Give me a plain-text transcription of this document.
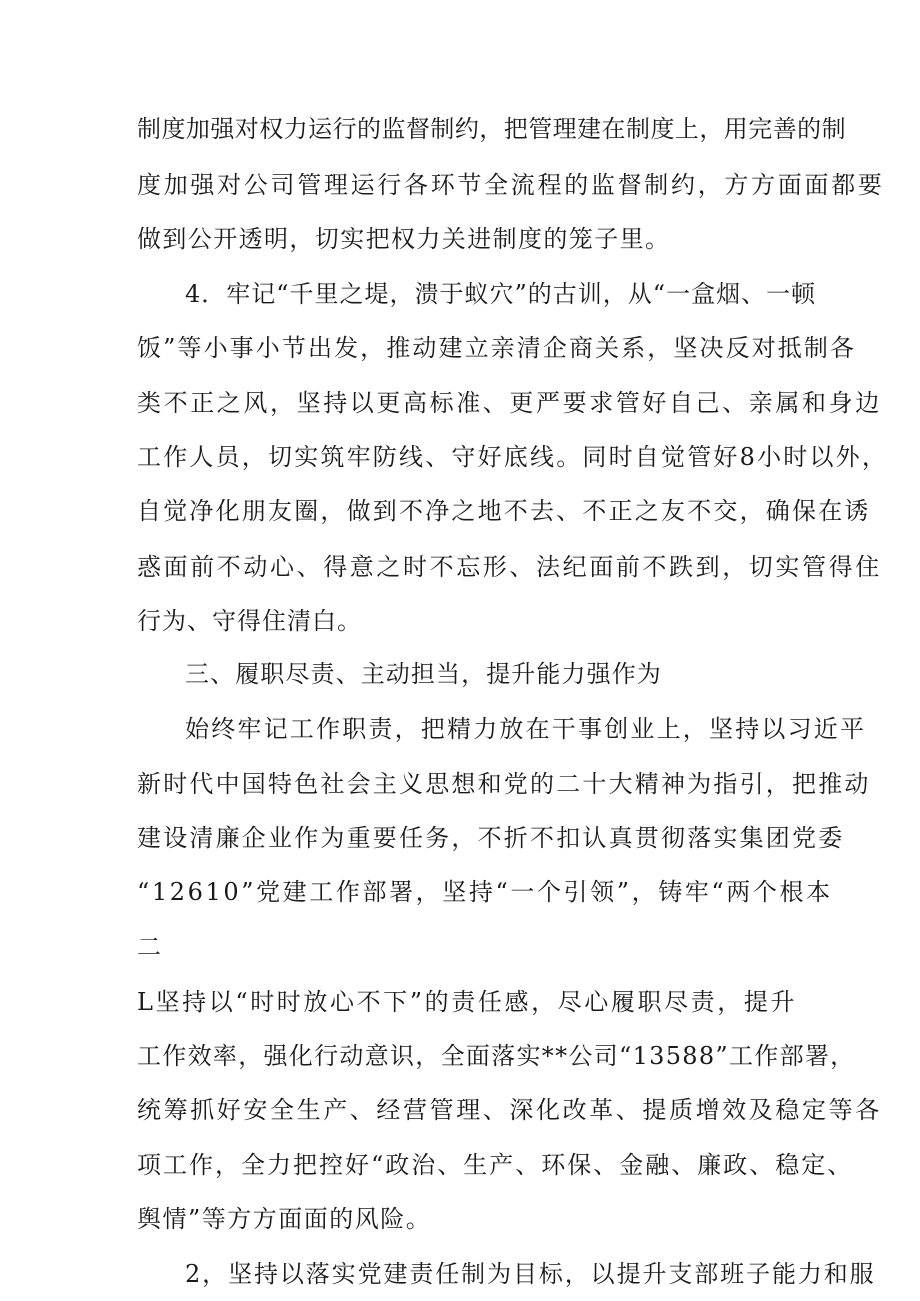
制度加强对权力运行的监督制约，把管理建在制度上，用完善的制
度加强对公司管理运行各环节全流程的监督制约，方方面面都要
做到公开透明，切实把权力关进制度的笼子里。
4．牢记“千里之堤，溃于蚁穴”的古训，从“一盒烟、一顿
饭”等小事小节出发，推动建立亲清企商关系，坚决反对抵制各
类不正之风，坚持以更高标准、更严要求管好自己、亲属和身边
工作人员，切实筑牢防线、守好底线。同时自觉管好8小时以外，
自觉净化朋友圈，做到不净之地不去、不正之友不交，确保在诱
惑面前不动心、得意之时不忘形、法纪面前不跌到，切实管得住
行为、守得住清白。
三、履职尽责、主动担当，提升能力强作为
始终牢记工作职责，把精力放在干事创业上，坚持以习近平
新时代中国特色社会主义思想和党的二十大精神为指引，把推动
建设清廉企业作为重要任务，不折不扣认真贯彻落实集团党委
“12610”党建工作部署，坚持“一个引领”，铸牢“两个根本
二
L坚持以“时时放心不下”的责任感，尽心履职尽责，提升
工作效率，强化行动意识，全面落实**公司“13588”工作部署，
统筹抓好安全生产、经营管理、深化改革、提质增效及稳定等各
项工作，全力把控好“政治、生产、环保、金融、廉政、稳定、
舆情”等方方面面的风险。
2，坚持以落实党建责任制为目标，以提升支部班子能力和服
